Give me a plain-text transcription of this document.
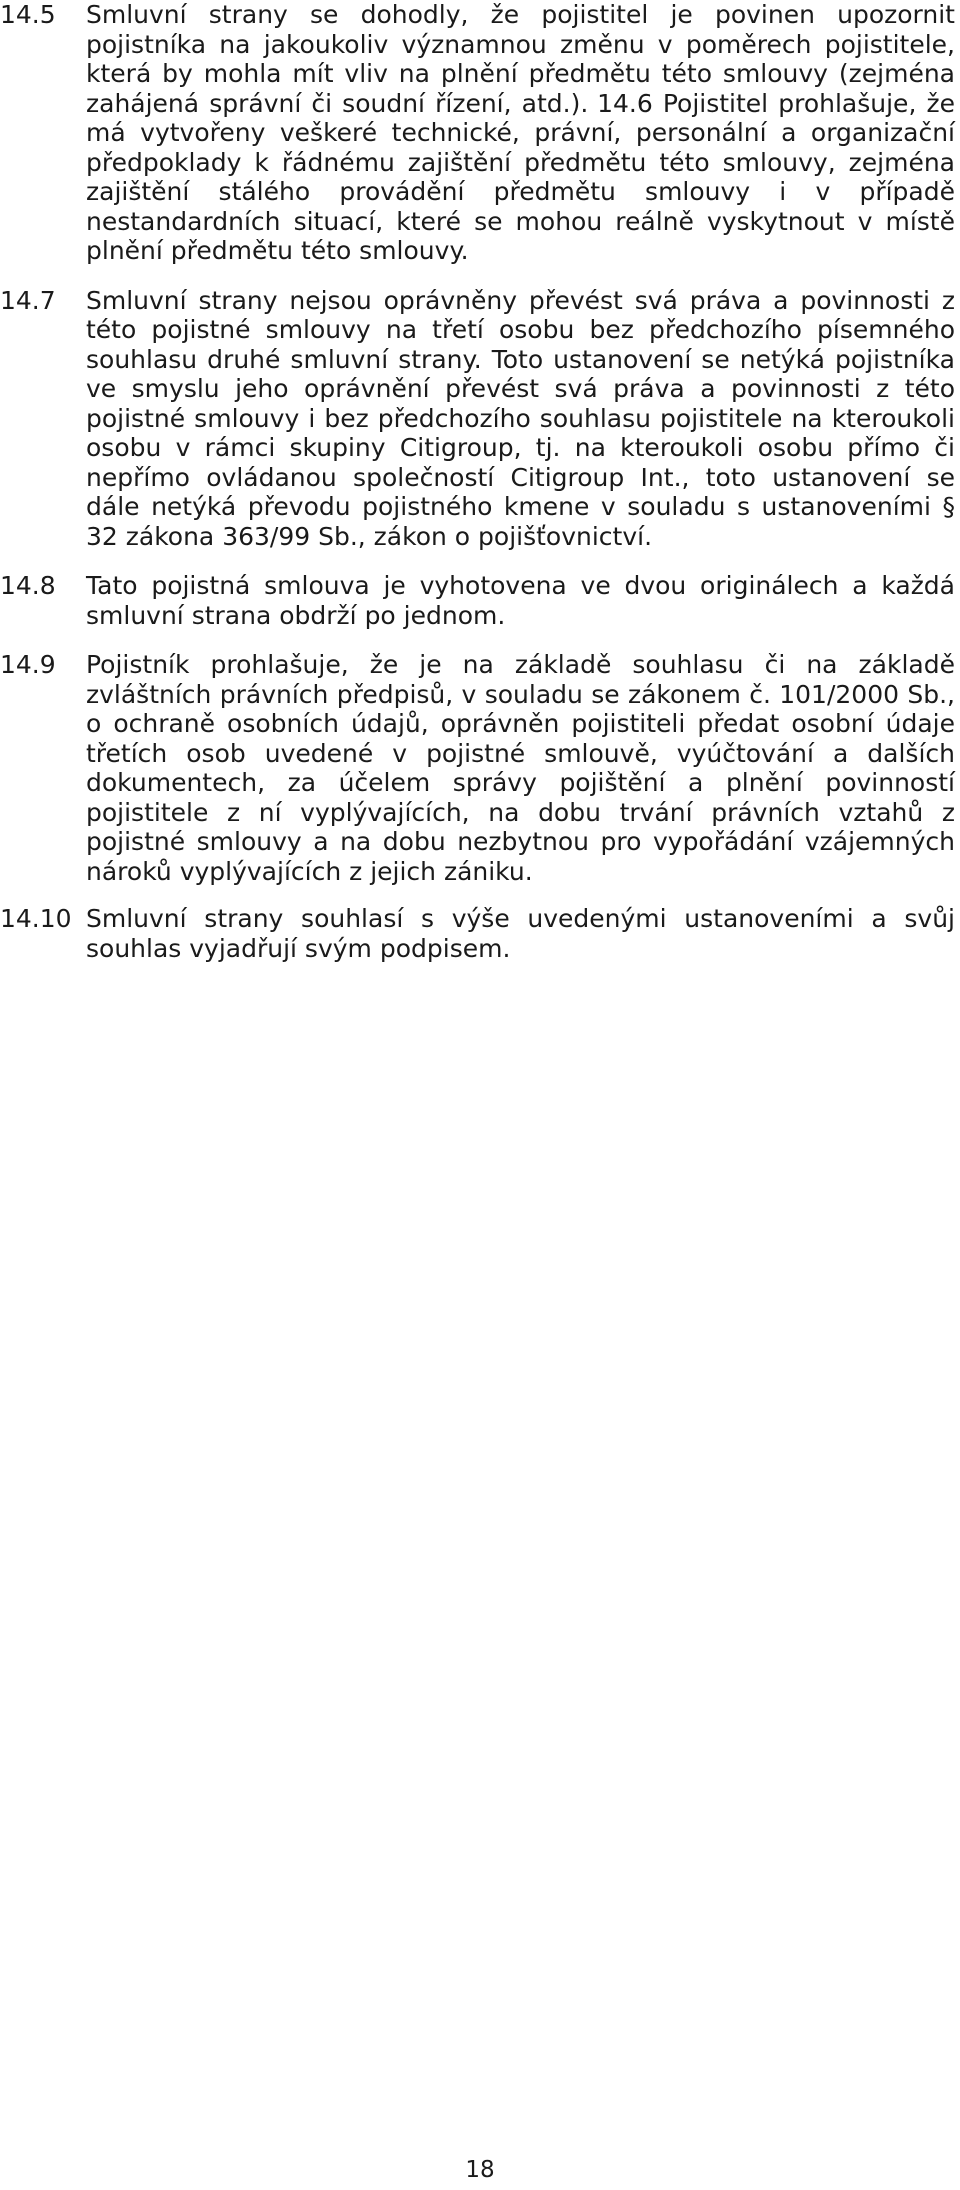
14.5	Smluvní strany se dohodly, že pojistitel je povinen upozornit pojistníka na jakoukoliv významnou změnu v poměrech pojistitele, která by mohla mít vliv na plnění předmětu této smlouvy (zejména zahájená správní či soudní řízení, atd.). 14.6 Pojistitel prohlašuje, že má vytvořeny veškeré technické, právní, personální a organizační předpoklady k řádnému zajištění předmětu této smlouvy, zejména zajištění stálého provádění předmětu smlouvy i v případě nestandardních situací, které se mohou reálně vyskytnout v místě plnění předmětu této smlouvy.
14.7	Smluvní strany nejsou oprávněny převést svá práva a povinnosti z této pojistné smlouvy na třetí osobu bez předchozího písemného souhlasu druhé smluvní strany. Toto ustanovení se netýká pojistníka ve smyslu jeho oprávnění převést svá práva a povinnosti z této pojistné smlouvy i bez předchozího souhlasu pojistitele na kteroukoli osobu v rámci skupiny Citigroup, tj. na kteroukoli osobu přímo či nepřímo ovládanou společností Citigroup Int., toto ustanovení se dále netýká převodu pojistného kmene v souladu s ustanoveními § 32 zákona 363/99 Sb., zákon o pojišťovnictví.
14.8	Tato pojistná smlouva je vyhotovena ve dvou originálech a každá smluvní strana obdrží po jednom.
14.9	Pojistník prohlašuje, že je na základě souhlasu či na základě zvláštních právních předpisů, v souladu se zákonem č. 101/2000 Sb., o ochraně osobních údajů, oprávněn pojistiteli předat osobní údaje třetích osob uvedené v pojistné smlouvě, vyúčtování a dalších dokumentech, za účelem správy pojištění a plnění povinností pojistitele z ní vyplývajících, na dobu trvání právních vztahů z pojistné smlouvy a na dobu nezbytnou pro vypořádání vzájemných nároků vyplývajících z jejich zániku.
14.10 Smluvní strany souhlasí s výše uvedenými ustanoveními a svůj souhlas vyjadřují svým podpisem.
18
